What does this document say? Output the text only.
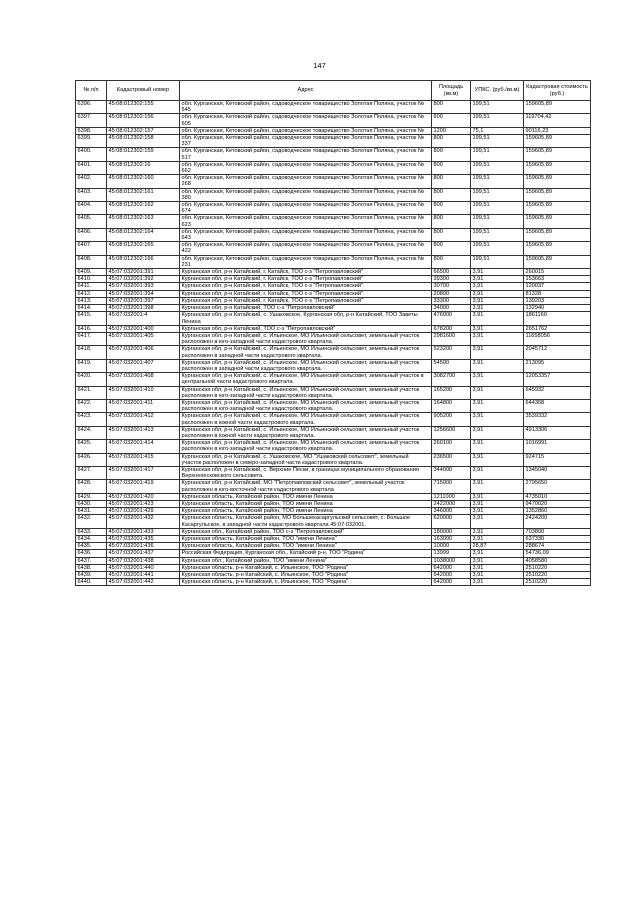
147
№ п/п	Кадастровый номер	Адрес	Площадь (кв.м)	УПКС. (руб./кв.м)	Кадастровая стоимость (руб.)
6396.	45:08:012302:155	обл. Курганская, Кетовский район, садоводческое товарищество Золотая Поляна, участок № 545	800	199,51	159605,89
6397.	45:08:012302:156	обл. Курганская, Кетовский район, садоводческое товарищество Золотая Поляна, участок № 605	600	199,51	119704,42
6398.	45:08:012302:157	обл. Курганская, Кетовский район, садоводческое товарищество Золотая Поляна, участок №	1200	75,1	90116,23
6399.	45:08:012302:158	обл. Курганская, Кетовский район, садоводческое товарищество Золотая Поляна, участок № 337	800	199,51	159605,89
6400.	45:08:012302:159	обл. Курганская, Кетовский район, садоводческое товарищество Золотая Поляна, участок № 517	800	199,51	159605,89
6401.	45:08:012302:16	обл. Курганская, Кетовский район, садоводческое товарищество Золотая Поляна, участок № 662	800	199,51	159605,89
6402.	45:08:012302:160	обл. Курганская, Кетовский район, садоводческое товарищество Золотая Поляна, участок № 268	800	199,51	159605,89
6403.	45:08:012302:161	обл. Курганская, Кетовский район, садоводческое товарищество Золотая Поляна, участок № 380	800	199,51	159605,89
6404.	45:08:012302:162	обл. Курганская, Кетовский район, садоводческое товарищество Золотая Поляна, участок № 674	800	199,51	159605,89
6405.	45:08:012302:163	обл. Курганская, Кетовский район, садоводческое товарищество Золотая Поляна, участок № 623	800	199,51	159605,89
6406.	45:08:012302:164	обл. Курганская, Кетовский район, садоводческое товарищество Золотая Поляна, участок № 643	800	199,51	159605,89
6407.	45:08:012302:165	обл. Курганская, Кетовский район, садоводческое товарищество Золотая Поляна, участок № 422	800	199,51	159605,89
6408.	45:08:012302:166	обл. Курганская, Кетовский район, садоводческое товарищество Золотая Поляна, участок № 231	800	199,51	159605,89
6409.	45:07:032001:391	Курганская обл, р-н Катайский, г. Катайск, ТОО с-з "Петропавловский"	66500	3,91	260015
6410.	45:07:032001:392	Курганская обл, р-н Катайский, г. Катайск, ТОО с-з "Петропавловский"	39300	3,91	153663
6411.	45:07:032001:393	Курганская обл, р-н Катайский, г. Катайск, ТОО с-з "Петропавловский"	30700	3,91	120037
6412.	45:07:032001:394	Курганская обл, р-н Катайский, г. Катайск, ТОО с-з "Петропавловский"	20800	3,91	81328
6413.	45:07:032001:397	Курганская обл, р-н Катайский, г. Катайск, ТОО с-з "Петропавловский"	33300	3,91	130203
6414.	45:07:032001:398	Курганская обл, р-н Катайский, ТОО с-з "Петропавловский"	34000	3,91	132940
6415.	45:07:032001:4	Курганская обл, р-н Катайский, с. Ушаковское, Курганская обл, р-н Катайский, ТОО Заветы Ленина	476000	3,91	1861160
6416.	45:07:032001:400	Курганская обл, р-н Катайский, ТОО с-з "Петропавловский"	678200	3,91	2651762
6417.	45:07:032001:405	Курганская обл, р-н Катайский, с. Ильинское, МО Ильинский сельсовет, земельный участок расположен в юго-западной части кадастрового квартала.	2981600	3,91	11658056
6418.	45:07:032001:406	Курганская обл, р-н Катайский, с. Ильинское, МО Ильинский сельсовет, земельный участок расположен в западной части кадастрового квартала.	523200	3,91	2045712
6419.	45:07:032001:407	Курганская обл, р-н Катайский, с. Ильинское, МО Ильинский сельсовет, земельный участок расположен в западной части кадастрового квартала.	54500	3,91	213095
6420.	45:07:032001:408	Курганская обл, р-н Катайский, с. Ильинское, МО Ильинский сельсовет, земельный участок в центральной части кадастрового квартала.	3082700	3,91	12053357
6421.	45:07:032001:410	Курганская обл, р-н Катайский, с. Ильинское, МО Ильинский сельсовет, земельный участок расположен в юго-западной части кадастрового квартала.	165200	3,91	645932
6422.	45:07:032001:411	Курганская обл, р-н Катайский, с. Ильинское, МО Ильинский сельсовет, земельный участок расположен в юго-западной части кадастрового квартала.	164800	3,91	644368
6423.	45:07:032001:412	Курганская обл, р-н Катайский, с. Ильинское, МО Ильинский сельсовет, земельный участок расположен в южной части кадастрового квартала.	905200	3,91	3539332
6424.	45:07:032001:413	Курганская обл, р-н Катайский, с. Ильинское, МО Ильинский сельсовет, земельный участок расположен в южной части кадастрового квартала.	1256600	3,91	4913306
6425.	45:07:032001:414	Курганская обл, р-н Катайский, с. Ильинское, МО Ильинский сельсовет, земельный участок расположен в юго-западной части кадастрового квартала.	260100	3,91	1016991
6426.	45:07:032001:415	Курганская обл, р-н Катайский, с. Ушаковское, МО "Ушаковский сельсовет", земельный участок расположен в северо-западной части кадастрового квартала.	236500	3,91	924715
6427.	45:07:032001:417	Курганская обл, р-н Катайский, с. Верхние Пески, в границах муниципального образования Верхнепесковского сельсовета.	344000	3,91	1345040
6428.	45:07:032001:419	Курганская обл, р-н Катайский, МО "Петропавловский сельсовет", земельный участок расположен в юго-восточной части кадастрового квартала	715000	3,91	2795650
6429.	45:07:032001:420	Курганская область, Катайский район, ТОО имени Ленина	1211000	3,91	4735010
6430.	45:07:032001:423	Курганская область, Катайский район, ТОО имени Ленина	2422000	3,91	9470020
6431.	45:07:032001:429	Курганская область, Катайский район, ТОО имени Ленина	346000	3,91	1352860
6432.	45:07:032001:432	Курганская область, Катайский район, МО Большекасаргульский сельсовет, с. Большое Касаргульское, в западной части кадастрового квартала 45:07:032001.	620000	3,91	2424200
6433.	45:07:032001:433	Курганская обл., Катайский район, ТОО с-з "Петропавловский"	180000	3,91	703800
6434.	45:07:032001:435	Курганская область, Катайский район, ТОО "имени Ленина"	163000	3,91	637330
6435.	45:07:032001:436	Курганская область, Катайский район, ТОО "имени Ленина"	10000	28,87	288674
6436.	45:07:032001:437	Российская Федерация, Курганская обл., Катайский р-н, ТОО "Родина"	13999	3,91	54736,09
6437.	45:07:032001:438	Курганская обл., Катайский район, ТОО "имени Ленина"	1038000	3,91	4058580
6438.	45:07:032001:440	Курганская область, р-н Катайский, с. Ильинское, ТОО "Родина"	642000	3,91	2510220
6439.	45:07:032001:441	Курганская область, р-н Катайский, с. Ильинское, ТОО "Родина"	642000	3,91	2510220
6440.	45:07:032001:442	Курганская область, р-н Катайский, с. Ильинское, ТОО "Родина"	642000	3,91	2510220
